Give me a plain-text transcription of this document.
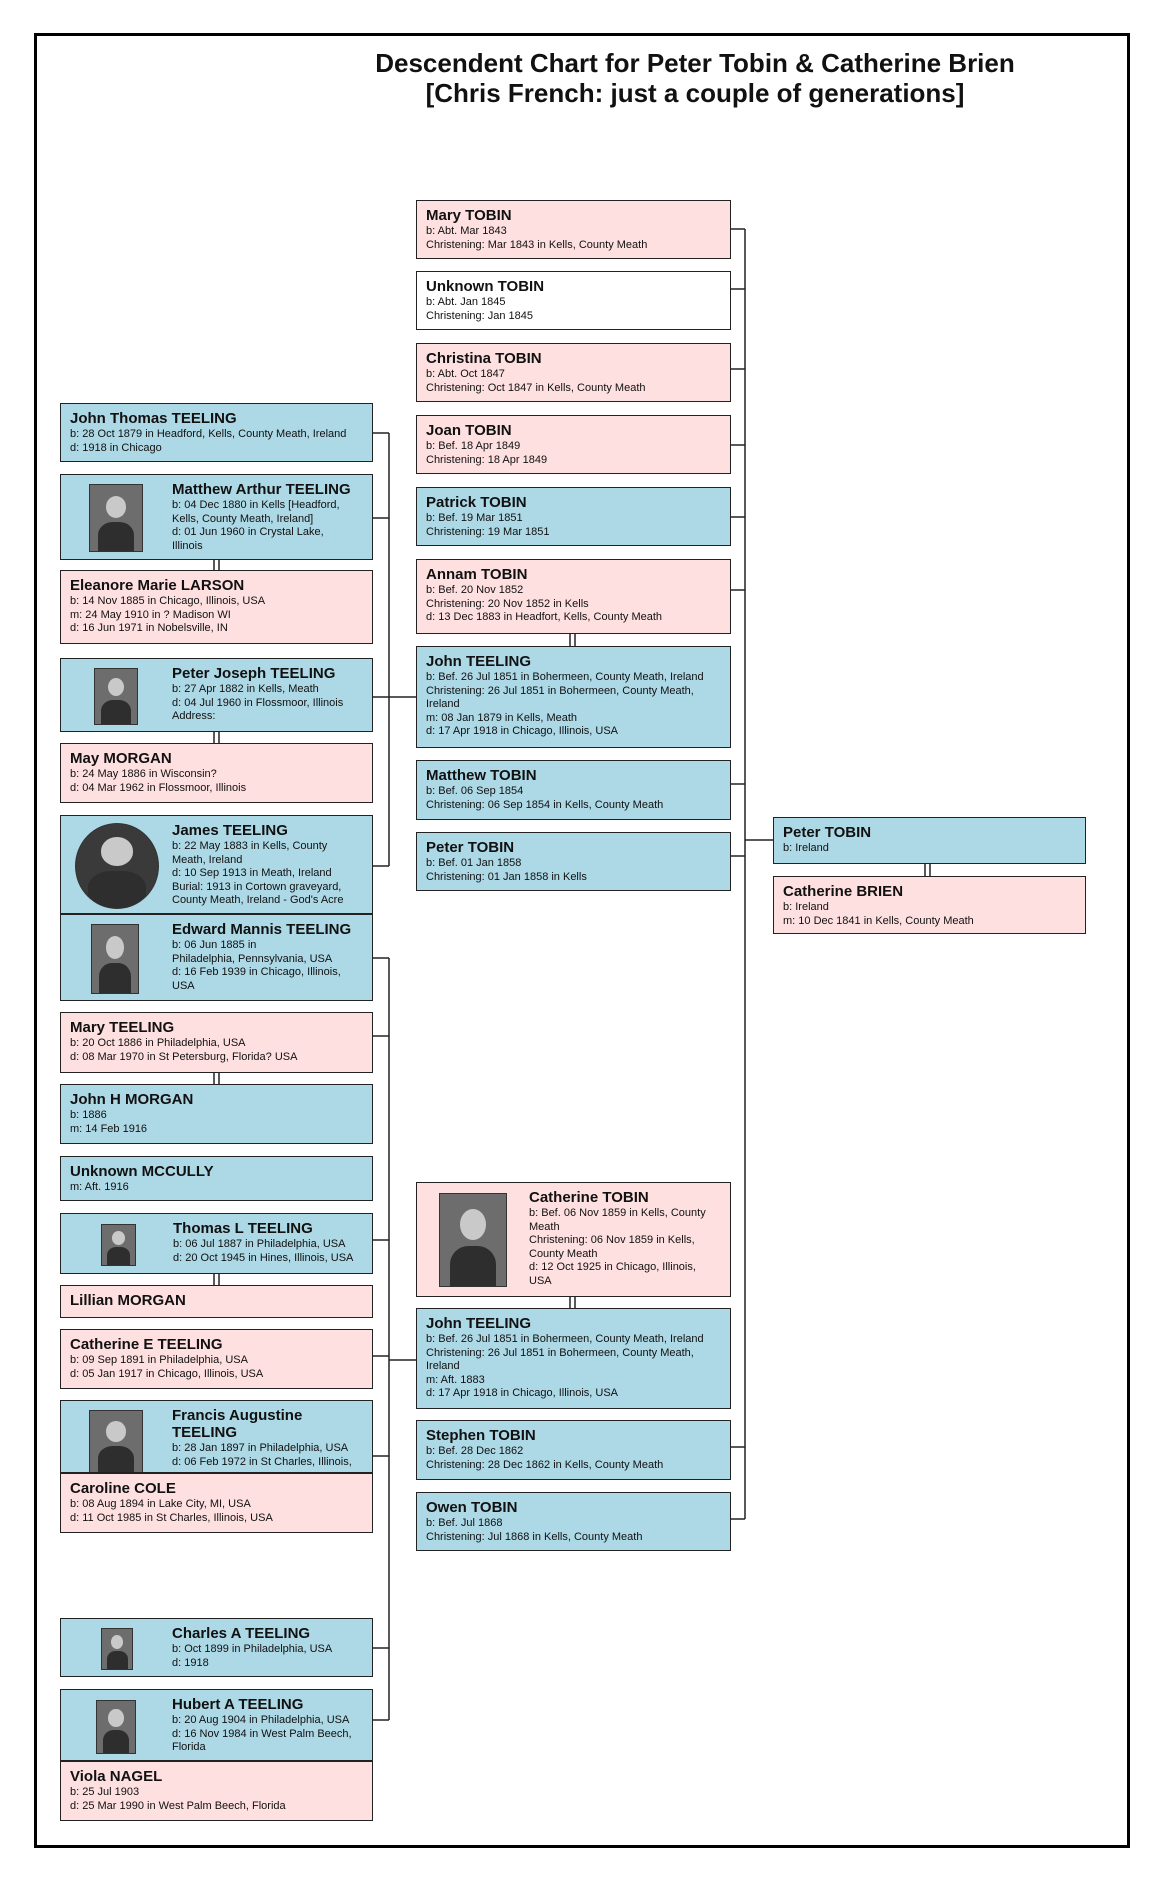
Descendent Chart for Peter Tobin & Catherine Brien
[Chris French: just a couple of generations]
Peter TOBIN
b: Ireland
Catherine BRIEN
b: Ireland
m: 10 Dec 1841 in Kells, County Meath
Mary TOBIN
b: Abt. Mar 1843
Christening: Mar 1843 in Kells, County Meath
Unknown TOBIN
b: Abt. Jan 1845
Christening: Jan 1845
Christina TOBIN
b: Abt. Oct 1847
Christening: Oct 1847 in Kells, County Meath
Joan TOBIN
b: Bef. 18 Apr 1849
Christening: 18 Apr 1849
Patrick TOBIN
b: Bef. 19 Mar 1851
Christening: 19 Mar 1851
Annam TOBIN
b: Bef. 20 Nov 1852
Christening: 20 Nov 1852 in Kells
d: 13 Dec 1883 in Headfort, Kells, County Meath
John TEELING
b: Bef. 26 Jul 1851 in Bohermeen, County Meath, Ireland
Christening: 26 Jul 1851 in Bohermeen, County Meath,
Ireland
m: 08 Jan 1879 in Kells, Meath
d: 17 Apr 1918 in Chicago, Illinois, USA
Matthew TOBIN
b: Bef. 06 Sep 1854
Christening: 06 Sep 1854 in Kells, County Meath
Peter TOBIN
b: Bef. 01 Jan 1858
Christening: 01 Jan 1858 in Kells
Catherine TOBIN
b: Bef. 06 Nov 1859 in Kells, County
Meath
Christening: 06 Nov 1859 in Kells,
County Meath
d: 12 Oct 1925 in Chicago, Illinois,
USA
John TEELING
b: Bef. 26 Jul 1851 in Bohermeen, County Meath, Ireland
Christening: 26 Jul 1851 in Bohermeen, County Meath,
Ireland
m: Aft. 1883
d: 17 Apr 1918 in Chicago, Illinois, USA
Stephen TOBIN
b: Bef. 28 Dec 1862
Christening: 28 Dec 1862 in Kells, County Meath
Owen TOBIN
b: Bef. Jul 1868
Christening: Jul 1868 in Kells, County Meath
John Thomas TEELING
b: 28 Oct 1879 in Headford, Kells, County Meath, Ireland
d: 1918 in Chicago
Matthew Arthur TEELING
b: 04 Dec 1880 in Kells [Headford,
Kells, County Meath, Ireland]
d: 01 Jun 1960 in Crystal Lake,
Illinois
Eleanore Marie LARSON
b: 14 Nov 1885 in Chicago, Illinois, USA
m: 24 May 1910 in ? Madison WI
d: 16 Jun 1971 in Nobelsville, IN
Peter Joseph TEELING
b: 27 Apr 1882 in Kells, Meath
d: 04 Jul 1960 in Flossmoor, Illinois
Address:
May MORGAN
b: 24 May 1886 in Wisconsin?
d: 04 Mar 1962 in Flossmoor, Illinois
James TEELING
b: 22 May 1883 in Kells, County
Meath, Ireland
d: 10 Sep 1913 in Meath, Ireland
Burial: 1913 in Cortown graveyard,
County Meath, Ireland - God's Acre
Edward Mannis TEELING
b: 06 Jun 1885 in
Philadelphia, Pennsylvania, USA
d: 16 Feb 1939 in Chicago, Illinois,
USA
Mary TEELING
b: 20 Oct 1886 in Philadelphia, USA
d: 08 Mar 1970 in St Petersburg, Florida? USA
John H MORGAN
b: 1886
m: 14 Feb 1916
Unknown MCCULLY
m: Aft. 1916
Thomas L TEELING
b: 06 Jul 1887 in Philadelphia, USA
d: 20 Oct 1945 in Hines, Illinois, USA
Lillian MORGAN
Catherine E TEELING
b: 09 Sep 1891 in Philadelphia, USA
d: 05 Jan 1917 in Chicago, Illinois, USA
Francis Augustine TEELING
b: 28 Jan 1897 in Philadelphia, USA
d: 06 Feb 1972 in St Charles, Illinois,
Caroline COLE
b: 08 Aug 1894 in Lake City, MI, USA
d: 11 Oct 1985 in St Charles, Illinois, USA
Charles A TEELING
b: Oct 1899 in Philadelphia, USA
d: 1918
Hubert A TEELING
b: 20 Aug 1904 in Philadelphia, USA
d: 16 Nov 1984 in West Palm Beech,
Florida
Viola NAGEL
b: 25 Jul 1903
d: 25 Mar 1990 in West Palm Beech, Florida
